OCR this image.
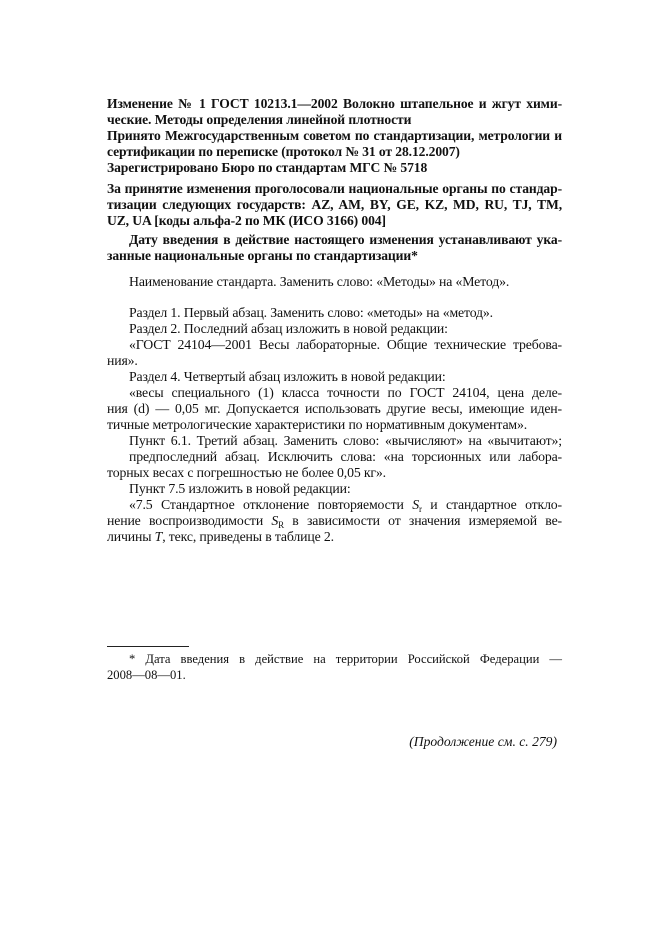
Изменение № 1 ГОСТ 10213.1—2002 Волокно штапельное и жгут хими-
ческие. Методы определения линейной плотности
Принято Межгосударственным советом по стандартизации, метрологии и
сертификации по переписке (протокол № 31 от 28.12.2007)
Зарегистрировано Бюро по стандартам МГС № 5718
За принятие изменения проголосовали национальные органы по стандар-
тизации следующих государств: AZ, AM, BY, GE, KZ, MD, RU, TJ, TM,
UZ, UA [коды альфа-2 по МК (ИСО 3166) 004]
Дату введения в действие настоящего изменения устанавливают ука-
занные национальные органы по стандартизации*
Наименование стандарта. Заменить слово: «Методы» на «Метод».
Раздел 1. Первый абзац. Заменить слово: «методы» на «метод».
Раздел 2. Последний абзац изложить в новой редакции:
«ГОСТ 24104—2001 Весы лабораторные. Общие технические требова-
ния».
Раздел 4. Четвертый абзац изложить в новой редакции:
«весы специального (1) класса точности по ГОСТ 24104, цена деле-
ния (d) — 0,05 мг. Допускается использовать другие весы, имеющие иден-
тичные метрологические характеристики по нормативным документам».
Пункт 6.1. Третий абзац. Заменить слово: «вычисляют» на «вычитают»;
предпоследний абзац. Исключить слова: «на торсионных или лабора-
торных весах с погрешностью не более 0,05 кг».
Пункт 7.5 изложить в новой редакции:
«7.5 Стандартное отклонение повторяемости $S_r$ и стандартное откло-
нение воспроизводимости $S_R$ в зависимости от значения измеряемой ве-
личины T, текс, приведены в таблице 2.
* Дата введения в действие на территории Российской Федерации —
2008—08—01.
(Продолжение см. с. 279)
